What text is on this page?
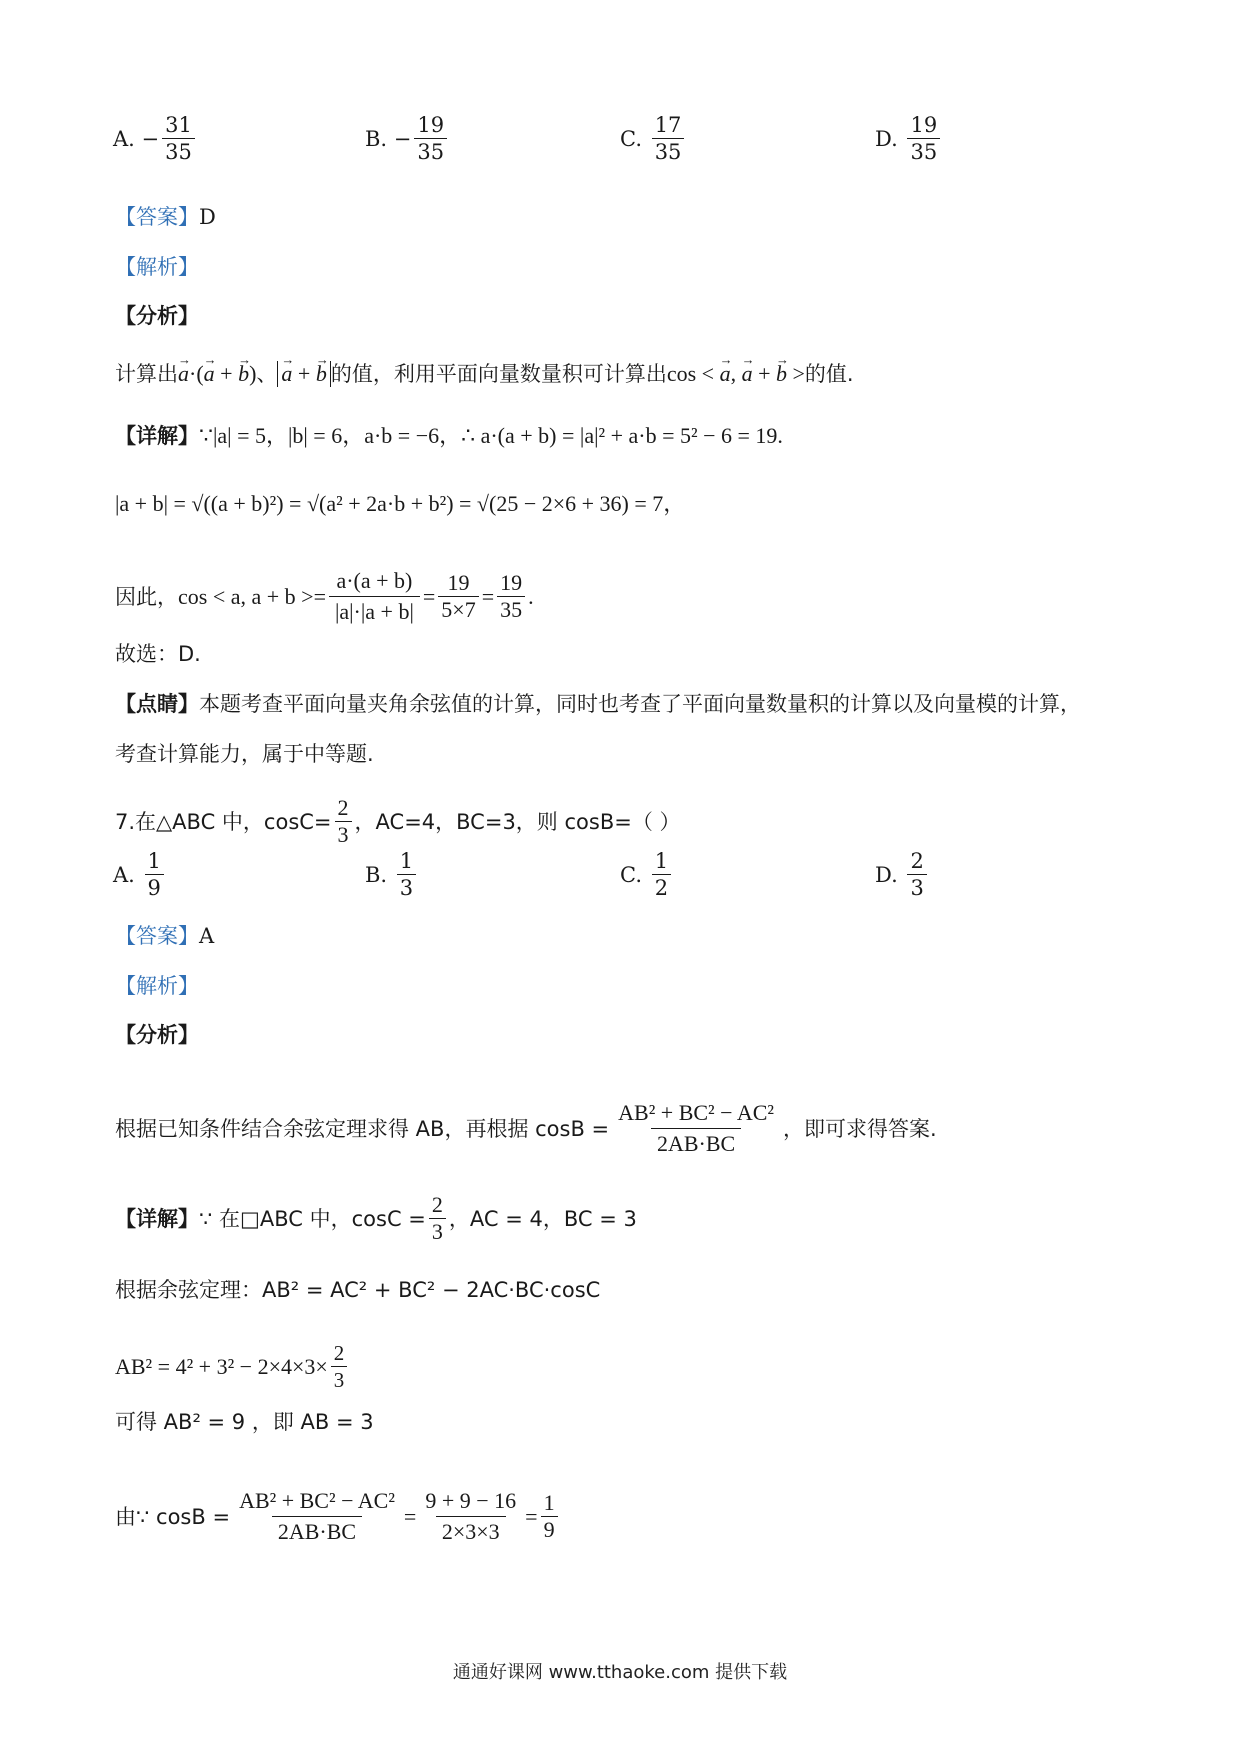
A.
− $\frac{31}{35}$	B.
− $\frac{19}{35}$	C.
$\frac{17}{35}$	D.
$\frac{19}{35}$
【答案】 D
【解析】
【分析】
计算出 → a·(→ a + → b) 、 → a + → b 的值，利用平面向量数量积可计算出 cos < → a, → a + → b > 的值.
【详解】 ∵|a| = 5，|b| = 6，a·b = −6，∴ a·(a + b) = |a|² + a·b = 5² − 6 = 19.
|a + b| = √((a + b)²) = √(a² + 2a·b + b²) = √(25 − 2×6 + 36) = 7，
因此， cos < a, $a + b >= \frac{a\cdot(a + b)}{|a|\cdot|a + b|} = \frac{19}{5\times 7} = \frac{19}{35}$ .
故选：D.
【点睛】 本题考查平面向量夹角余弦值的计算，同时也考查了平面向量数量积的计算以及向量模的计算，
考查计算能力，属于中等题.
7.在△ABC 中，$\cos C= \frac{2}{3}$ ，AC=4，BC=3，则 cosB=（ ）
A.
$\frac{1}{9}$	B.
$\frac{1}{3}$	C.
$\frac{1}{2}$	D.
$\frac{2}{3}$
【答案】 A
【解析】
【分析】
根据已知条件结合余弦定理求得 AB，再根据 $\cos B = \frac{\text{AB² + BC² − AC²}}{2AB\cdot BC}$ ，即可求得答案.
【详解】 ∵ 在□ABC 中，$\cos C = \frac{2}{3}$ ，AC = 4，BC = 3
根据余弦定理：AB² = AC² + BC² − 2AC·BC·cosC
$AB^2 = 4^2 + 3^2 - 2\times 4\times 3\times \frac{2}{3}$
可得 AB² = 9 ，即 AB = 3
由∵ $\cos B = \frac{\text{AB² + BC² − AC²}}{2AB\cdot BC} = \frac{9 + 9 - 16}{2\times 3\times 3} = \frac{1}{9}$
通通好课网 www.tthaoke.com 提供下载
